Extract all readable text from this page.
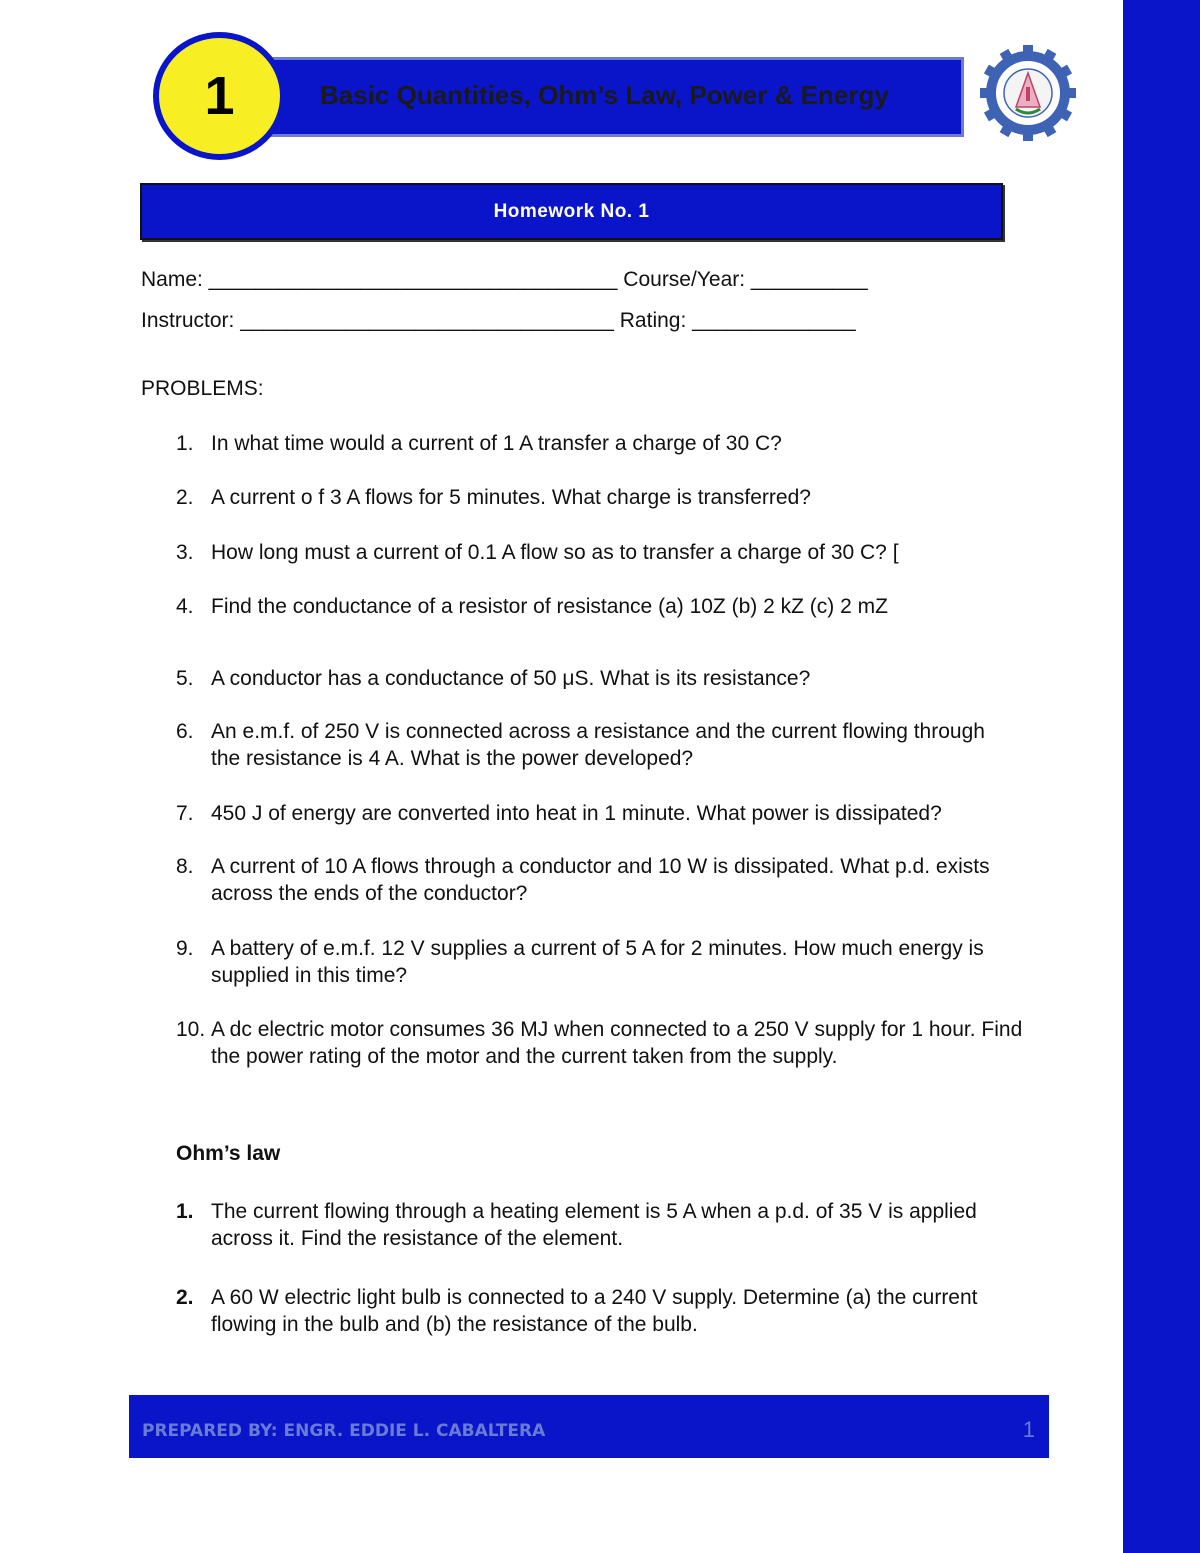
Basic Quantities, Ohm’s Law, Power & Energy
1
Homework No. 1
Name: ___________________________________ Course/Year: __________
Instructor: ________________________________ Rating: ______________
PROBLEMS:
1. In what time would a current of 1 A transfer a charge of 30 C?
2. A current o f 3 A flows for 5 minutes. What charge is transferred?
3. How long must a current of 0.1 A flow so as to transfer a charge of 30 C? [
4. Find the conductance of a resistor of resistance (a) 10Z (b) 2 kZ (c) 2 mZ
5. A conductor has a conductance of 50 μS. What is its resistance?
6. An e.m.f. of 250 V is connected across a resistance and the current flowing through the resistance is 4 A. What is the power developed?
7. 450 J of energy are converted into heat in 1 minute. What power is dissipated?
8. A current of 10 A flows through a conductor and 10 W is dissipated. What p.d. exists across the ends of the conductor?
9. A battery of e.m.f. 12 V supplies a current of 5 A for 2 minutes. How much energy is supplied in this time?
10. A dc electric motor consumes 36 MJ when connected to a 250 V supply for 1 hour. Find the power rating of the motor and the current taken from the supply.
Ohm’s law
1. The current flowing through a heating element is 5 A when a p.d. of 35 V is applied across it. Find the resistance of the element.
2. A 60 W electric light bulb is connected to a 240 V supply. Determine (a) the current flowing in the bulb and (b) the resistance of the bulb.
PREPARED BY: ENGR. EDDIE L. CABALTERA	1
